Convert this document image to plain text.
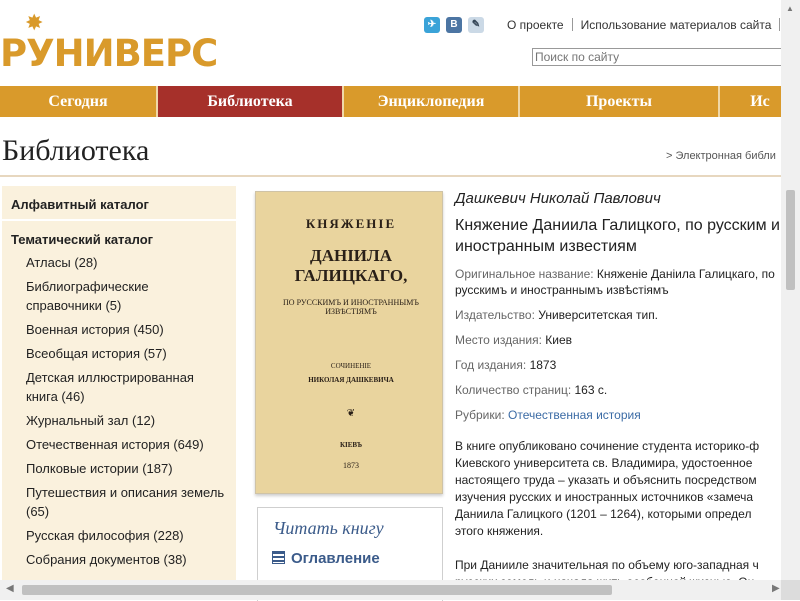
✸
РУНИВЕРС
✈	В	✎	О проекте Использование материалов сайта
Поиск по сайту
Сегодня	Библиотека	Энциклопедия	Проекты	Ис
Библиотека	> Электронная библи
Алфавитный каталог
Тематический каталог
Атласы (28)
Библиографические справочники (5)
Военная история (450)
Всеобщая история (57)
Детская иллюстрированная книга (46)
Журнальный зал (12)
Отечественная история (649)
Полковые истории (187)
Путешествия и описания земель (65)
Русская философия (228)
Собрания документов (38)
КНЯЖЕНIЕ
ДАНIИЛА ГАЛИЦКАГО,
ПО РУССКИМЪ И ИНОСТРАННЫМЪ ИЗВѢСТIЯМЪ
СОЧИНЕНIЕ
НИКОЛАЯ ДАШКЕВИЧА
❦
КIЕВЪ
1873
Читать книгу
Оглавление
Дашкевич Николай Павлович
Княжение Даниила Галицкого, по русским и иностранным известиям
Оригинальное название: Княженіе Даніила Галицкаго, по русскимъ и иностраннымъ извѣстіямъ
Издательство: Университетская тип.
Место издания: Киев
Год издания: 1873
Количество страниц: 163 с.
Рубрики: Отечественная история
В книге опубликовано сочинение студента историко-ф
Киевского университета св. Владимира, удостоенное
настоящего труда – указать и объяснить посредством
изучения русских и иностранных источников «замеча
Даниила Галицкого (1201 – 1264), которыми определ
этого княжения.
При Данииле значительная по объему юго-западная ч
▲
◀	▶
